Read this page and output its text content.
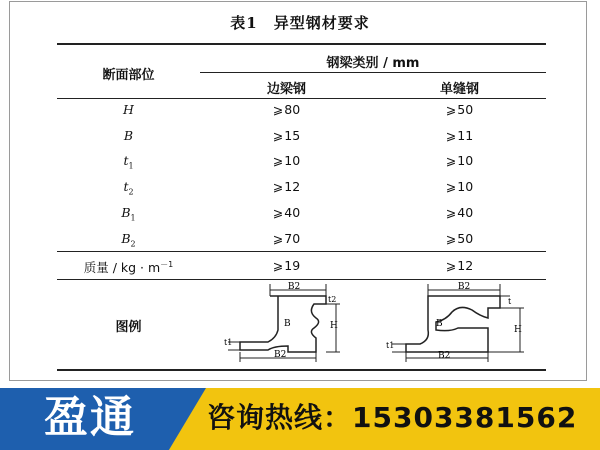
表1　异型钢材要求
断面部位
钢梁类别 / mm
边梁钢	单缝钢
H	⩾80	⩾50
B	⩾15	⩾11
$t_1$	⩾10	⩾10
$t_2$	⩾12	⩾10
$B_1$	⩾40	⩾40
$B_2$	⩾70	⩾50
质量 / kg · $m^{-1}$	⩾19	⩾12
图例
B2
t2
B	H
t1
B2
B2
t
B
H
t1
B2
盈通	咨询热线：15303381562
